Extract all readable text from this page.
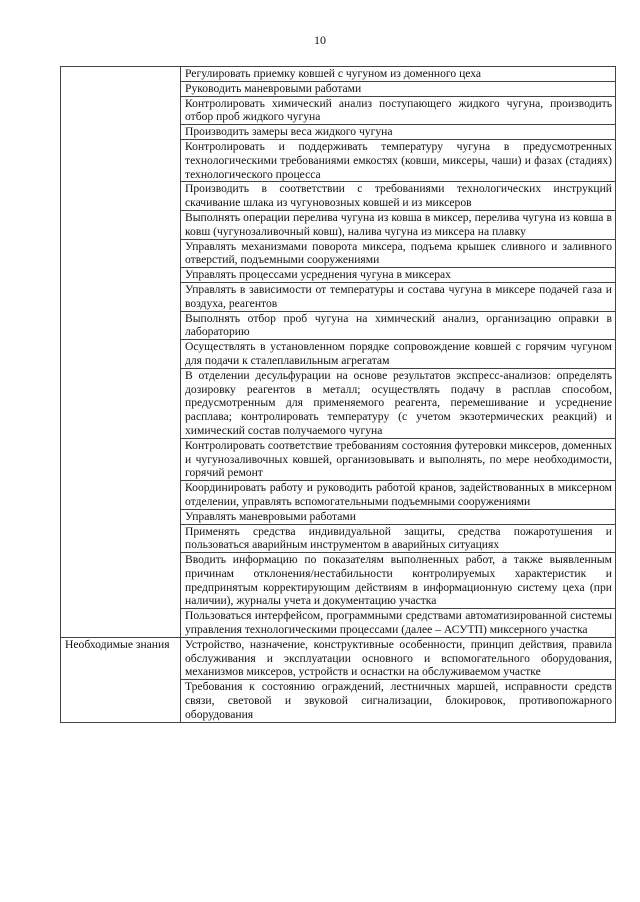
10
	Регулировать приемку ковшей с чугуном из доменного цеха
	Руководить маневровыми работами
	Контролировать химический анализ поступающего жидкого чугуна, производить отбор проб жидкого чугуна
	Производить замеры веса жидкого чугуна
	Контролировать и поддерживать температуру чугуна в предусмотренных технологическими требованиями емкостях (ковши, миксеры, чаши) и фазах (стадиях) технологического процесса
	Производить в соответствии с требованиями технологических инструкций скачивание шлака из чугуновозных ковшей и из миксеров
	Выполнять операции перелива чугуна из ковша в миксер, перелива чугуна из ковша в ковш (чугунозаливочный ковш), налива чугуна из миксера на плавку
	Управлять механизмами поворота миксера, подъема крышек сливного и заливного отверстий, подъемными сооружениями
	Управлять процессами усреднения чугуна в миксерах
	Управлять в зависимости от температуры и состава чугуна в миксере подачей газа и воздуха, реагентов
	Выполнять отбор проб чугуна на химический анализ, организацию оправки в лабораторию
	Осуществлять в установленном порядке сопровождение ковшей с горячим чугуном для подачи к сталеплавильным агрегатам
	В отделении десульфурации на основе результатов экспресс-анализов: определять дозировку реагентов в металл; осуществлять подачу в расплав способом, предусмотренным для применяемого реагента, перемешивание и усреднение расплава; контролировать температуру (с учетом экзотермических реакций) и химический состав получаемого чугуна
	Контролировать соответствие требованиям состояния футеровки миксеров, доменных и чугунозаливочных ковшей, организовывать и выполнять, по мере необходимости, горячий ремонт
	Координировать работу и руководить работой кранов, задействованных в миксерном отделении, управлять вспомогательными подъемными сооружениями
	Управлять маневровыми работами
	Применять средства индивидуальной защиты, средства пожаротушения и пользоваться аварийным инструментом в аварийных ситуациях
	Вводить информацию по показателям выполненных работ, а также выявленным причинам отклонения/нестабильности контролируемых характеристик и предпринятым корректирующим действиям в информационную систему цеха (при наличии), журналы учета и документацию участка
	Пользоваться интерфейсом, программными средствами автоматизированной системы управления технологическими процессами (далее – АСУТП) миксерного участка
Необходимые знания	Устройство, назначение, конструктивные особенности, принцип действия, правила обслуживания и эксплуатации основного и вспомогательного оборудования, механизмов миксеров, устройств и оснастки на обслуживаемом участке
	Требования к состоянию ограждений, лестничных маршей, исправности средств связи, световой и звуковой сигнализации, блокировок, противопожарного оборудования
